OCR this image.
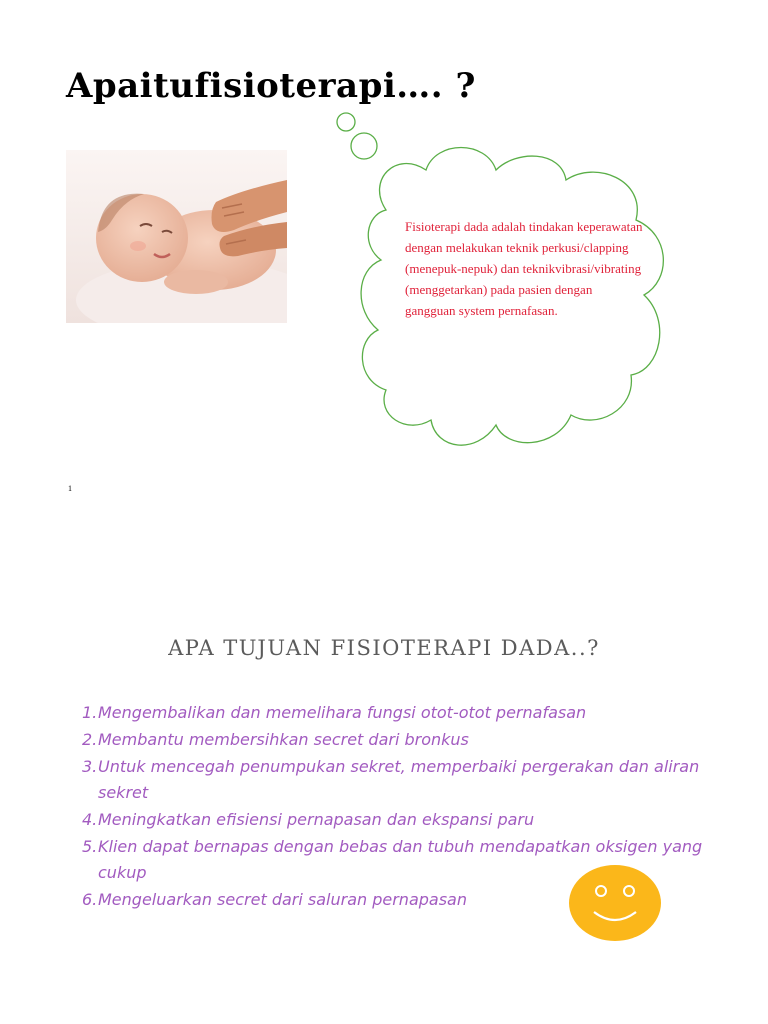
Apaitufisioterapi…. ?

Fisioterapi dada adalah tindakan keperawatan dengan melakukan teknik perkusi/clapping (menepuk-nepuk) dan teknikvibrasi/vibrating (menggetarkan) pada pasien dengan gangguan system pernafasan.

1
APA TUJUAN FISIOTERAPI DADA..?
1. Mengembalikan dan memelihara fungsi otot-otot pernafasan
2. Membantu membersihkan secret dari bronkus
3. Untuk mencegah penumpukan sekret, memperbaiki pergerakan dan aliran sekret
4. Meningkatkan efisiensi pernapasan dan ekspansi paru
5. Klien dapat bernapas dengan bebas dan tubuh mendapatkan oksigen yang cukup
6. Mengeluarkan secret dari saluran pernapasan
